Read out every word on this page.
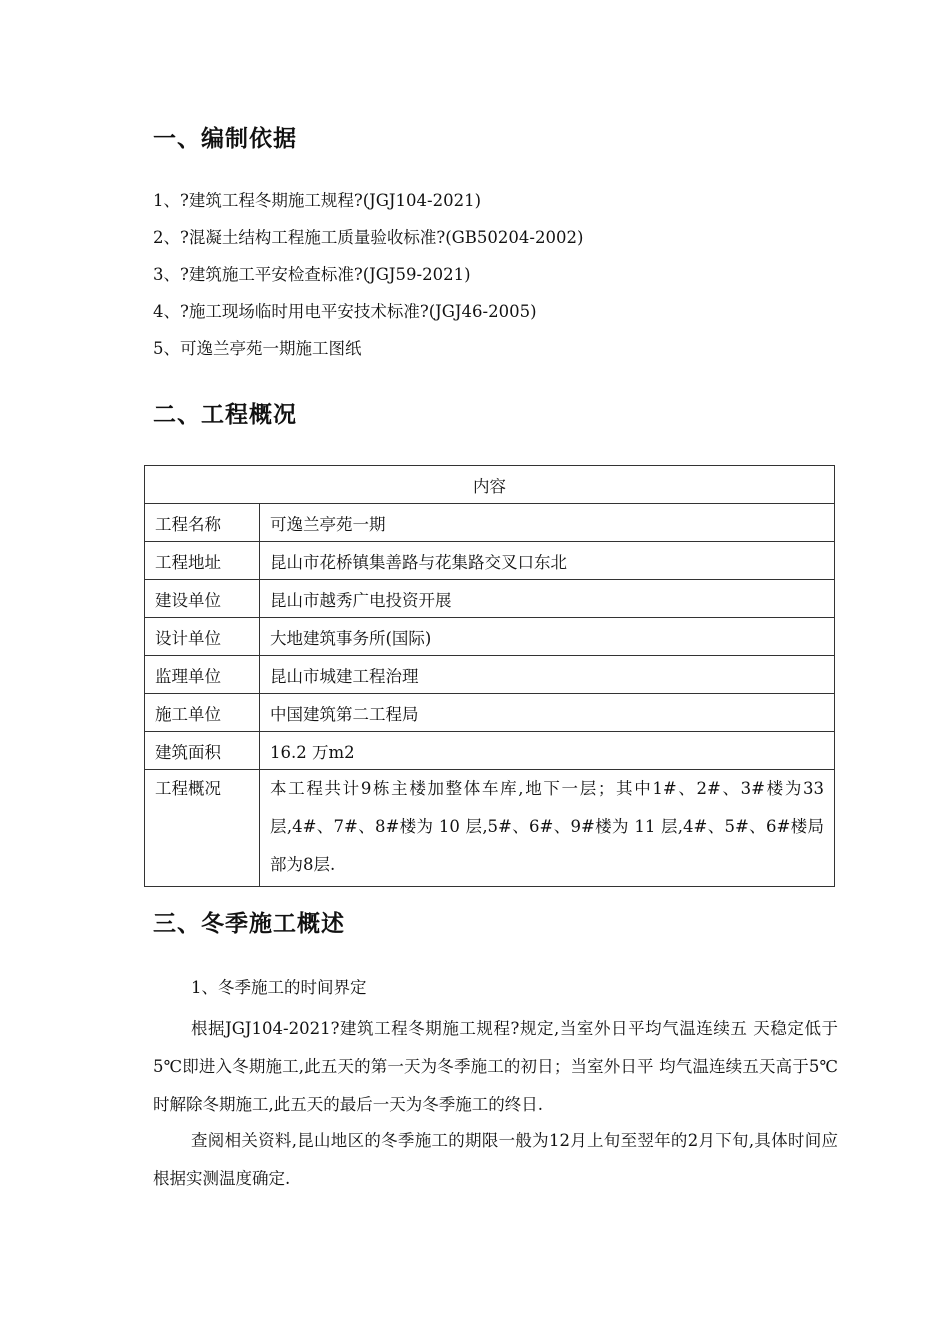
一、编制依据
1、?建筑工程冬期施工规程?(JGJ104-2021)
2、?混凝土结构工程施工质量验收标准?(GB50204-2002)
3、?建筑施工平安检查标准?(JGJ59-2021)
4、?施工现场临时用电平安技术标准?(JGJ46-2005)
5、可逸兰亭苑一期施工图纸
二、工程概况
内容	
工程名称	可逸兰亭苑一期
工程地址	昆山市花桥镇集善路与花集路交叉口东北
建设单位	昆山市越秀广电投资开展
设计单位	大地建筑事务所(国际)
监理单位	昆山市城建工程治理
施工单位	中国建筑第二工程局
建筑面积	16.2 万m2
工程概况	本工程共计9栋主楼加整体车库,地下一层；其中1#、2#、3#楼为33 层,4#、7#、8#楼为 10 层,5#、6#、9#楼为 11 层,4#、5#、6#楼局部为8层.
三、冬季施工概述
1、冬季施工的时间界定

根据JGJ104-2021?建筑工程冬期施工规程?规定,当室外日平均气温连续五 天稳定低于5℃即进入冬期施工,此五天的第一天为冬季施工的初日；当室外日平 均气温连续五天高于5℃时解除冬期施工,此五天的最后一天为冬季施工的终日.

查阅相关资料,昆山地区的冬季施工的期限一般为12月上旬至翌年的2月下旬,具体时间应根据实测温度确定.
